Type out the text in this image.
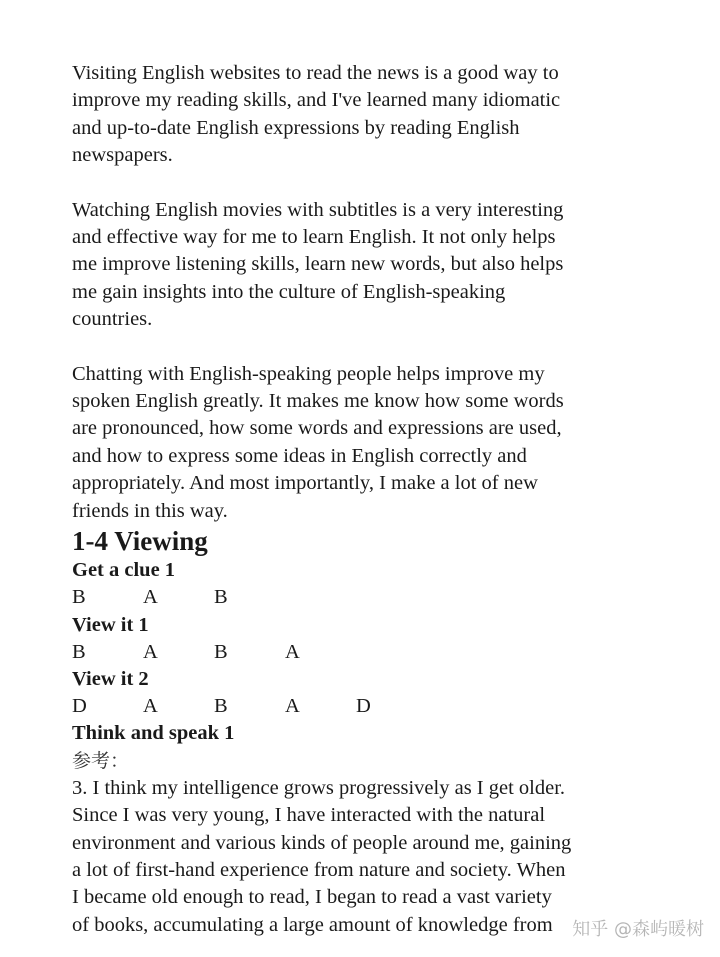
Visiting English websites to read the news is a good way to
improve my reading skills, and I've learned many idiomatic
and up-to-date English expressions by reading English
newspapers.

Watching English movies with subtitles is a very interesting
and effective way for me to learn English. It not only helps
me improve listening skills, learn new words, but also helps
me gain insights into the culture of English-speaking
countries.

Chatting with English-speaking people helps improve my
spoken English greatly. It makes me know how some words
are pronounced, how some words and expressions are used,
and how to express some ideas in English correctly and
appropriately. And most importantly, I make a lot of new
friends in this way.

1-4 Viewing
Get a clue 1
B	A	B
View it 1
B	A	B	A
View it 2
D	A	B	A	D
Think and speak 1
参考：

3. I think my intelligence grows progressively as I get older.
Since I was very young, I have interacted with the natural
environment and various kinds of people around me, gaining
a lot of first-hand experience from nature and society. When
I became old enough to read, I began to read a vast variety
of books, accumulating a large amount of knowledge from	知乎 @森屿暖树
